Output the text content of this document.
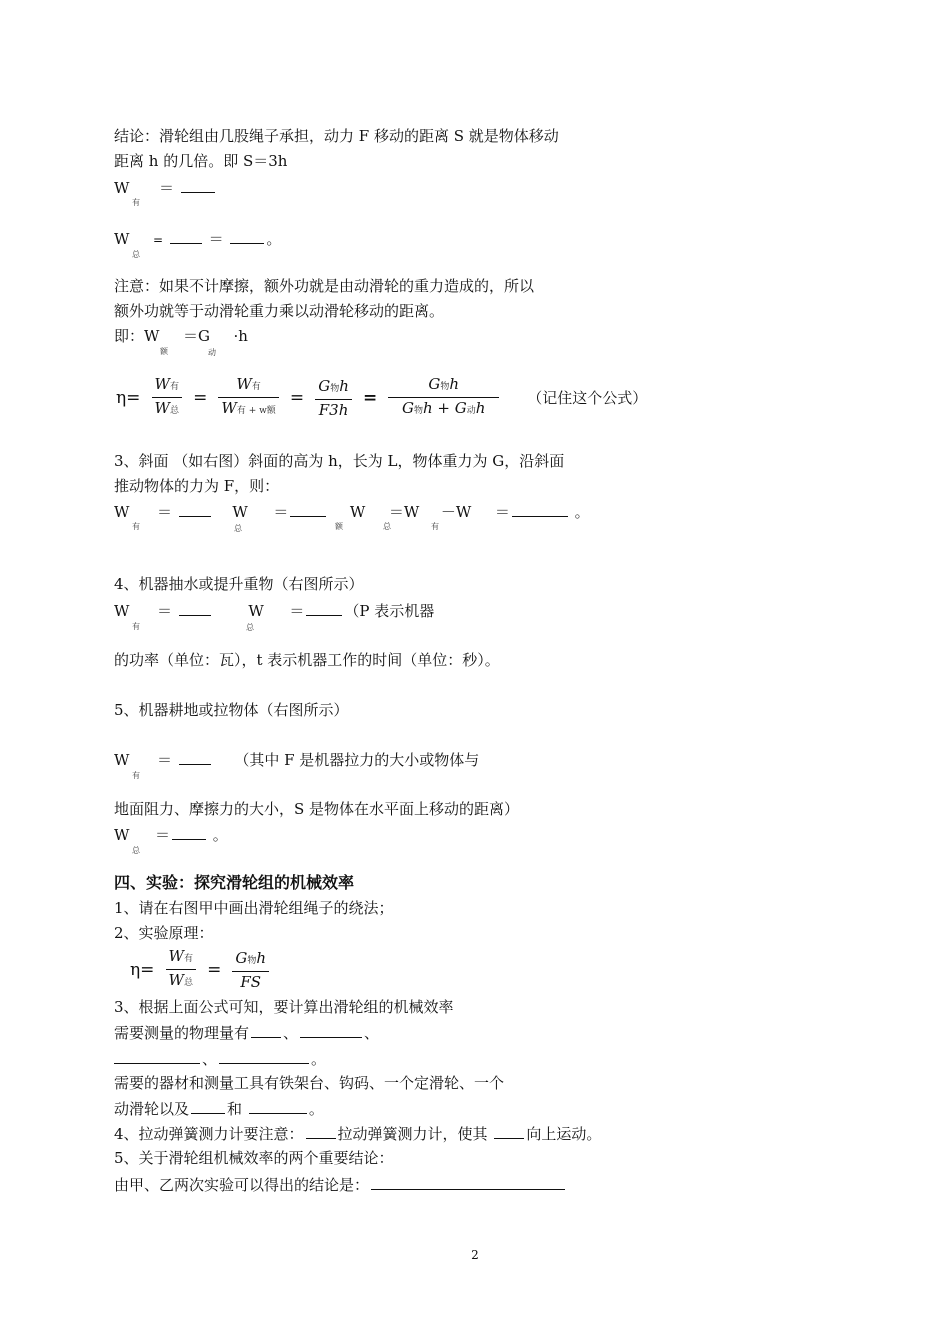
结论：滑轮组由几股绳子承担，动力 F 移动的距离 S 就是物体移动
距离 h 的几倍。即 S＝3h
W ＝
有
W =	＝	。
总
注意：如果不计摩擦，额外功就是由动滑轮的重力造成的，所以
额外功就等于动滑轮重力乘以动滑轮移动的距离。
即：W ＝G ·h
额	动
$\eta= \frac{\text{W有}}{\text{W总}} = \frac{\text{W有}}{\text{W有 + w额}} = \frac{\text{G物h}}{F3h} = \frac{\text{G物h}}{\text{G物h + G动h}}$ （记住这个公式）
3、斜面 （如右图）斜面的高为 h，长为 L，物体重力为 G，沿斜面
推动物体的力为 F，则：
W ＝	W ＝	W ＝W －W ＝	。
有	总	额	总	有
4、机器抽水或提升重物（右图所示）
W ＝	W ＝	（P 表示机器
有	总
的功率（单位：瓦），t 表示机器工作的时间（单位：秒）。
5、机器耕地或拉物体（右图所示）
W ＝	（其中 F 是机器拉力的大小或物体与
有
地面阻力、摩擦力的大小，S 是物体在水平面上移动的距离）
W ＝	。
总
四、实验：探究滑轮组的机械效率
1、请在右图甲中画出滑轮组绳子的绕法；
2、实验原理：
$\eta= \frac{\text{W有}}{\text{W总}} = \frac{\text{G物h}}{FS}$
3、根据上面公式可知，要计算出滑轮组的机械效率
需要测量的物理量有 、	、
、	。
需要的器材和测量工具有铁架台、钩码、一个定滑轮、一个
动滑轮以及	和	。
4、拉动弹簧测力计要注意： 拉动弹簧测力计，使其	向上运动。
5、关于滑轮组机械效率的两个重要结论：
由甲、乙两次实验可以得出的结论是：
2
